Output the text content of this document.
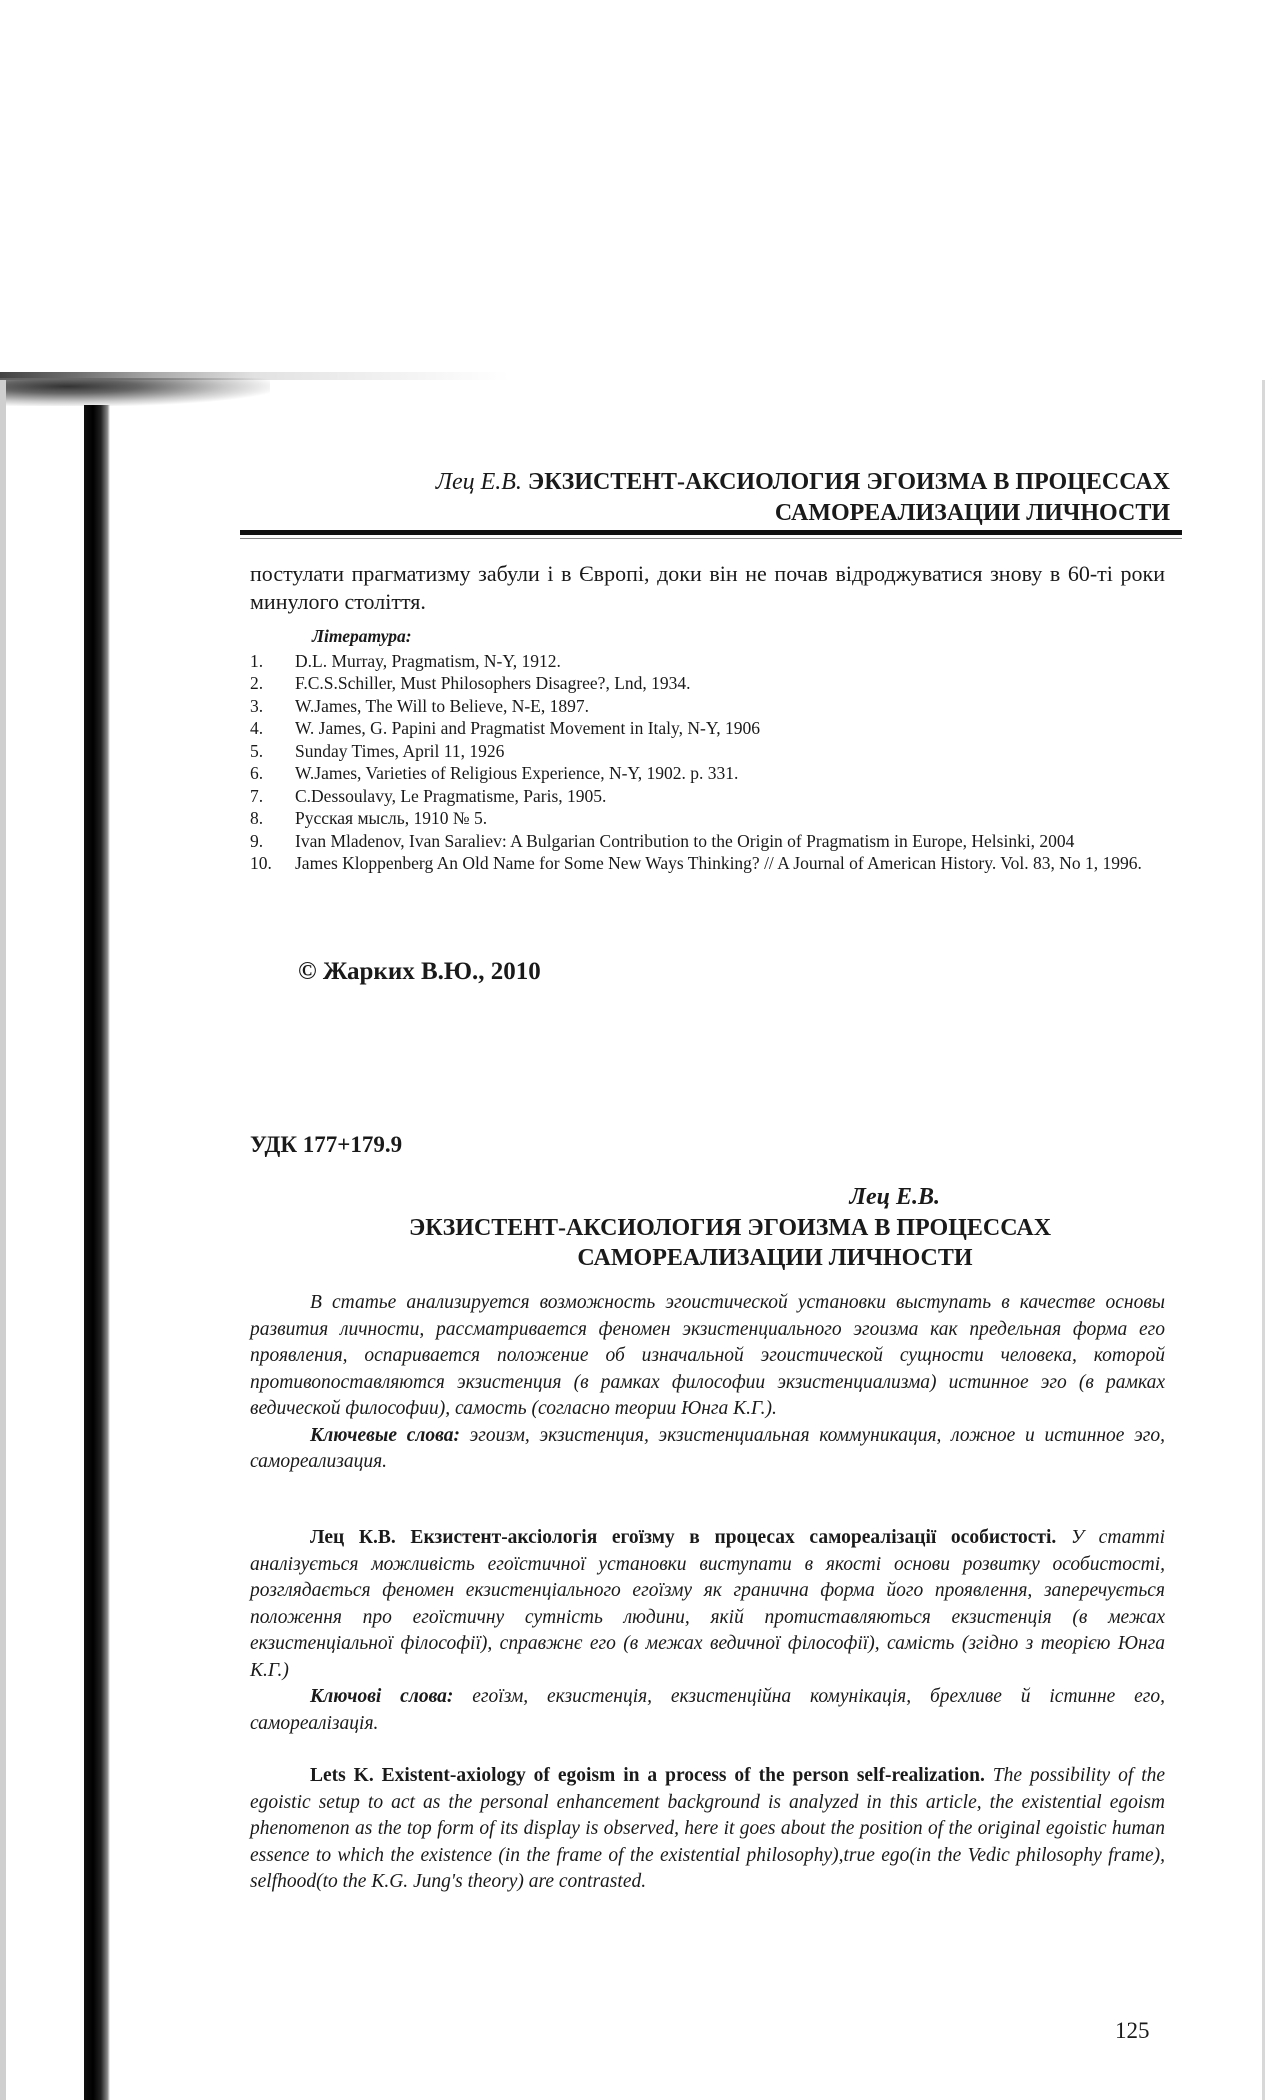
Лец Е.В. ЭКЗИСТЕНТ-АКСИОЛОГИЯ ЭГОИЗМА В ПРОЦЕССАХ
САМОРЕАЛИЗАЦИИ ЛИЧНОСТИ
постулати прагматизму забули і в Європі, доки він не почав відроджуватися знову в 60-ті роки минулого століття.
Література:
1.	D.L. Murray, Pragmatism, N-Y, 1912.
2.	F.C.S.Schiller, Must Philosophers Disagree?, Lnd, 1934.
3.	W.James, The Will to Believe, N-E, 1897.
4.	W. James, G. Papini and Pragmatist Movement in Italy, N-Y, 1906
5.	Sunday Times, April 11, 1926
6.	W.James, Varieties of Religious Experience, N-Y, 1902. p. 331.
7.	C.Dessoulavy, Le Pragmatisme, Paris, 1905.
8.	Русская мысль, 1910 № 5.
9.	Ivan Mladenov, Ivan Saraliev: A Bulgarian Contribution to the Origin of Pragmatism in Europe, Helsinki, 2004
10.	James Kloppenberg An Old Name for Some New Ways Thinking? // A Journal of American History. Vol. 83, No 1, 1996.
© Жарких В.Ю., 2010
УДК 177+179.9
Лец Е.В.
ЭКЗИСТЕНТ-АКСИОЛОГИЯ ЭГОИЗМА В ПРОЦЕССАХ
САМОРЕАЛИЗАЦИИ ЛИЧНОСТИ

В статье анализируется возможность эгоистической установки выступать в качестве основы развития личности, рассматривается феномен экзистенциального эгоизма как предельная форма его проявления, оспаривается положение об изначальной эгоистической сущности человека, которой противопоставляются экзистенция (в рамках философии экзистенциализма) истинное эго (в рамках ведической философии), самость (согласно теории Юнга К.Г.).

Ключевые слова: эгоизм, экзистенция, экзистенциальная коммуникация, ложное и истинное эго, самореализация.

Лец К.В. Екзистент-аксіологія егоїзму в процесах самореалізації особистості. У статті аналізується можливість егоїстичної установки виступати в якості основи розвитку особистості, розглядається феномен екзистенціального егоїзму як гранична форма його проявлення, заперечується положення про егоїстичну сутність людини, якій протиставляються екзистенція (в межах екзистенціальної філософії), справжнє его (в межах ведичної філософії), самість (згідно з теорією Юнга К.Г.)

Ключові слова: егоїзм, екзистенція, екзистенційна комунікація, брехливе й істинне его, самореалізація.

Lets K. Existent-axiology of egoism in a process of the person self-realization. The possibility of the egoistic setup to act as the personal enhancement background is analyzed in this article, the existential egoism phenomenon as the top form of its display is observed, here it goes about the position of the original egoistic human essence to which the existence (in the frame of the existential philosophy),true ego(in the Vedic philosophy frame), selfhood(to the K.G. Jung's theory) are contrasted.

125
